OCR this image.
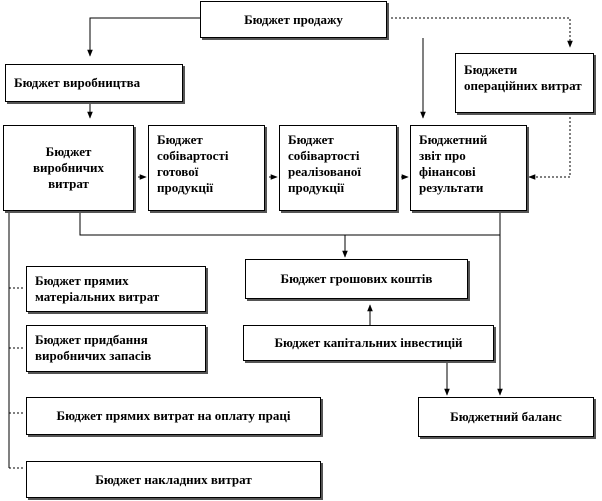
Бюджет продажу
Бюджет виробництва
Бюджети операційних витрат
Бюджет
виробничих
витрат
Бюджет
собівартості
готової
продукції
Бюджет
собівартості
реалізованої
продукції
Бюджетний
звіт про
фінансові
результати
Бюджет грошових коштів
Бюджет прямих
матеріальних витрат
Бюджет придбання
виробничих запасів
Бюджет капітальних інвестицій
Бюджет прямих витрат на оплату праці	Бюджетний баланс
Бюджет накладних витрат
